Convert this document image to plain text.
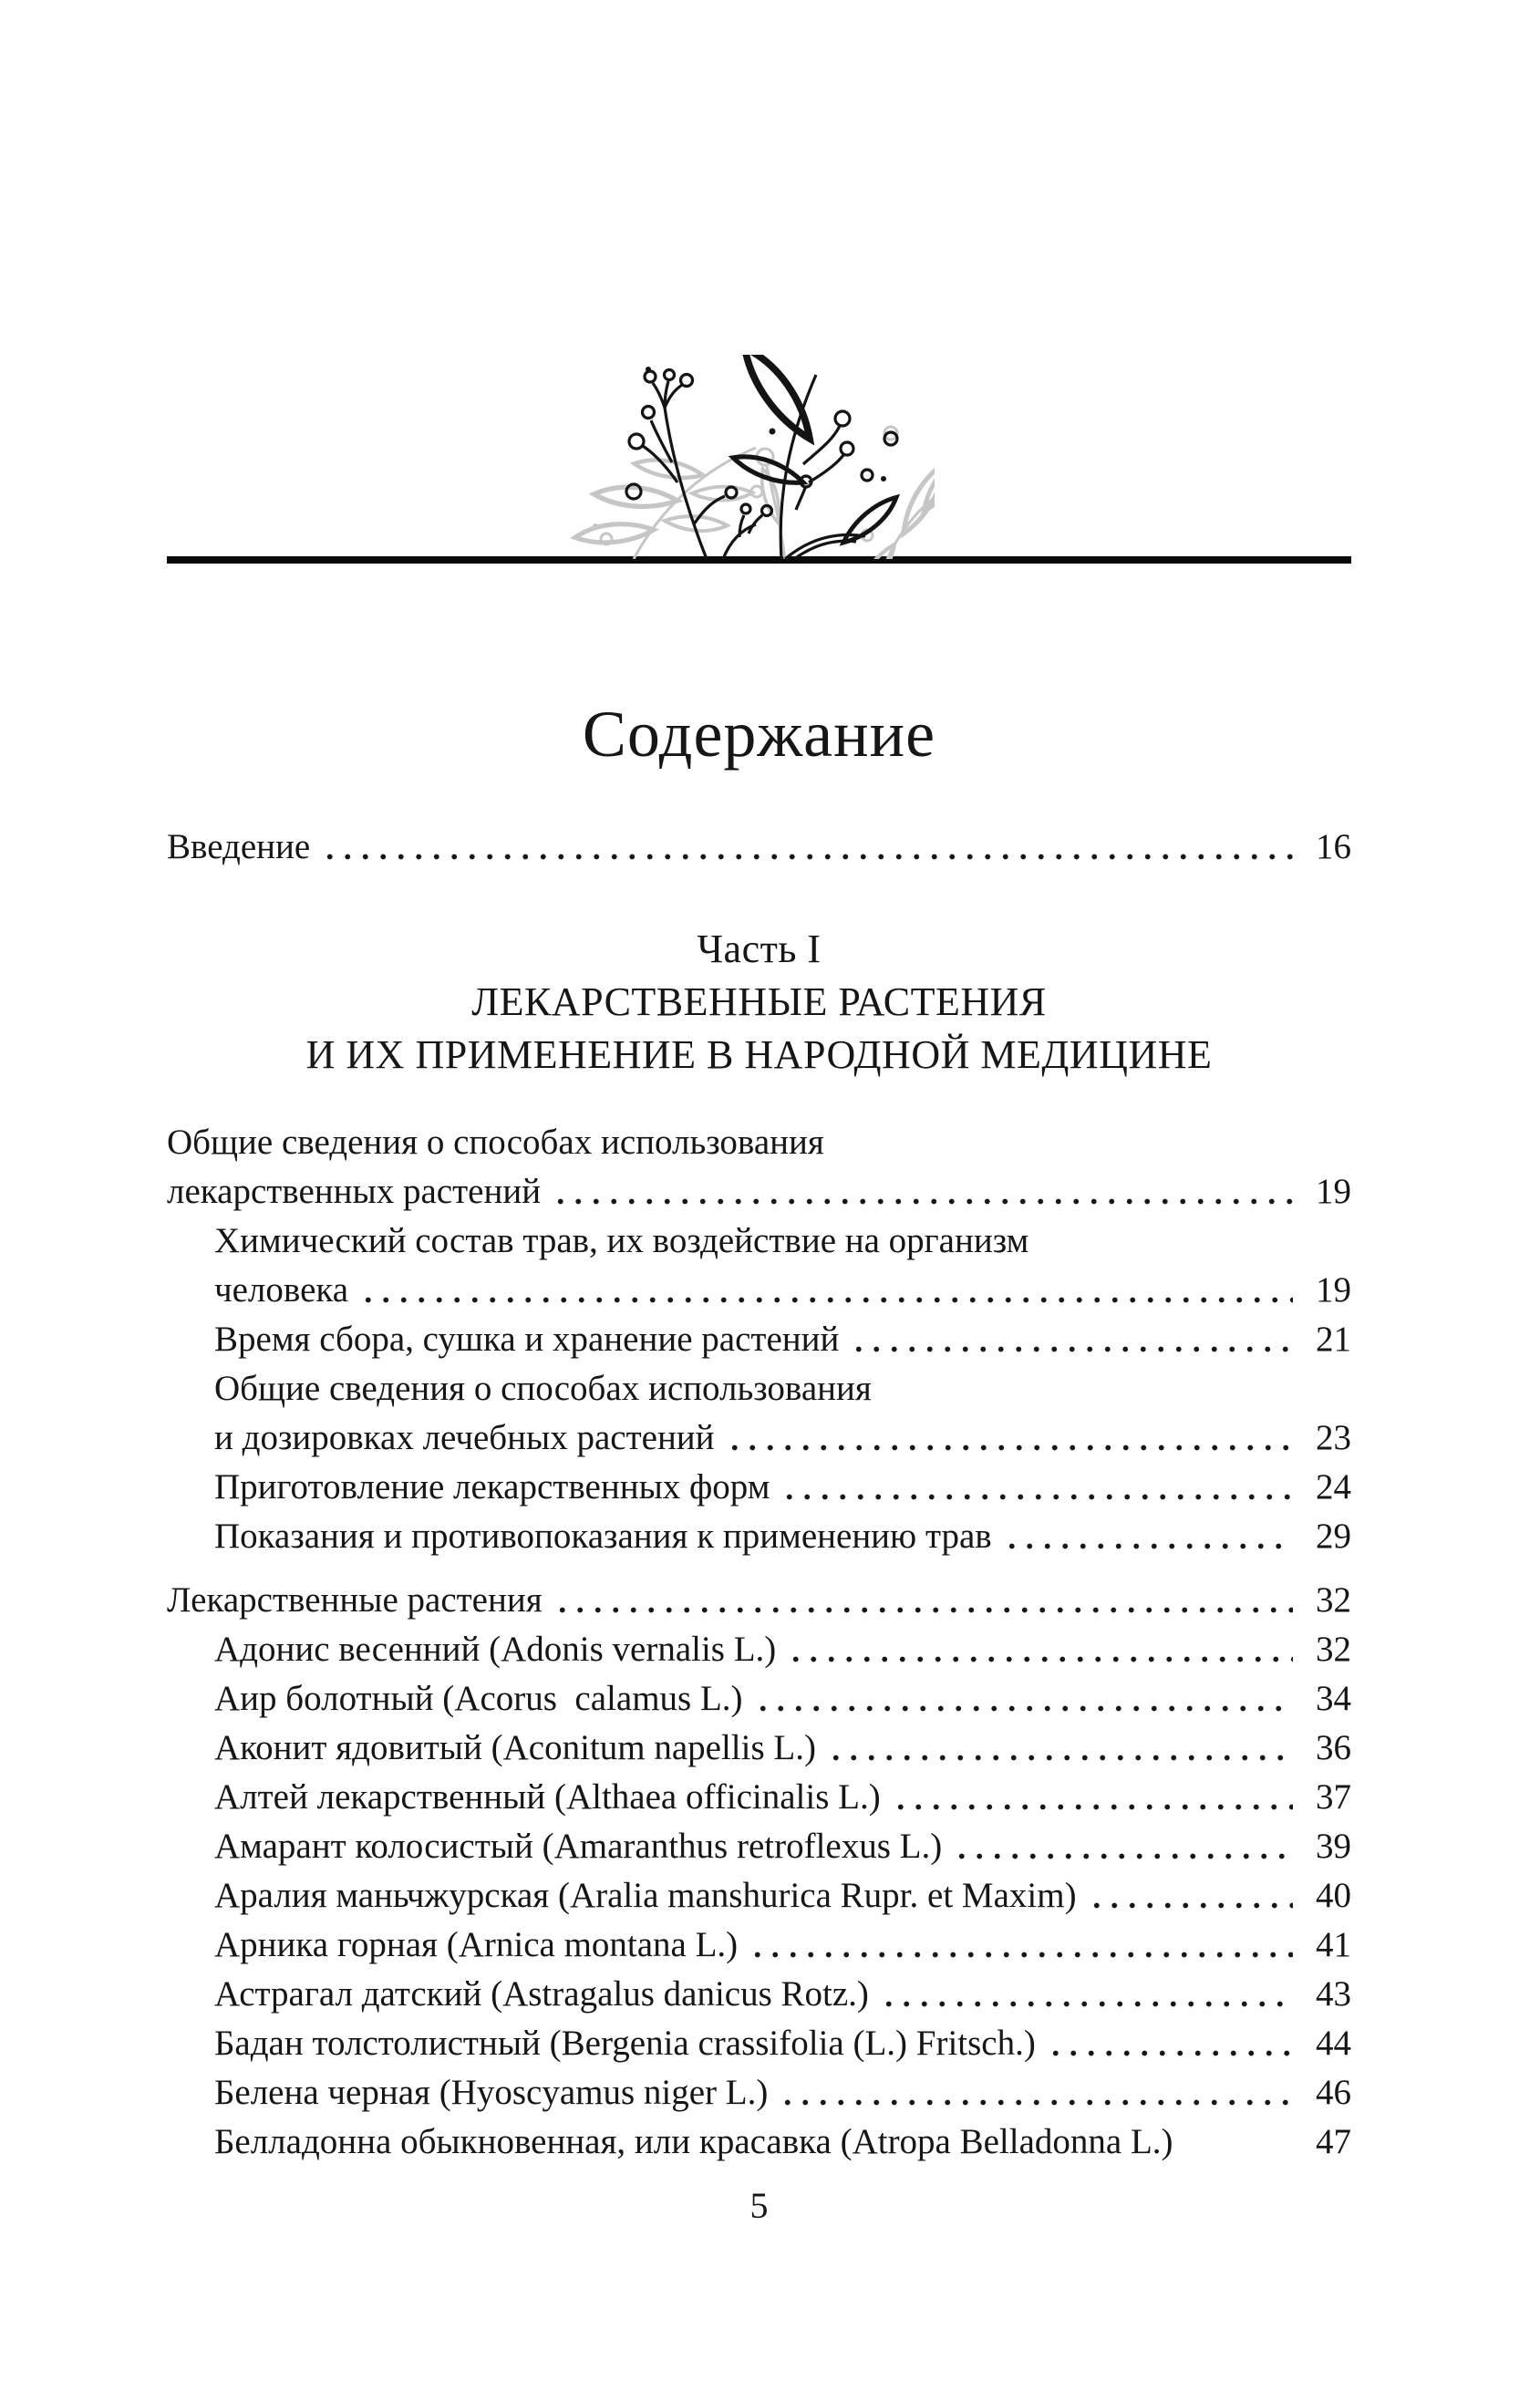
Содержание
Введение	16
Часть I
ЛЕКАРСТВЕННЫЕ РАСТЕНИЯ
И ИХ ПРИМЕНЕНИЕ В НАРОДНОЙ МЕДИЦИНЕ
Общие сведения о способах использования
лекарственных растений	19
Химический состав трав, их воздействие на организм
человека	19
Время сбора, сушка и хранение растений	21
Общие сведения о способах использования
и дозировках лечебных растений	23
Приготовление лекарственных форм	24
Показания и противопоказания к применению трав	29
Лекарственные растения	32
Адонис весенний (Adonis vernalis L.)	32
Аир болотный (Acorus  calamus L.)	34
Аконит ядовитый (Aconitum napellis L.)	36
Алтей лекарственный (Althaea officinalis L.)	37
Амарант колосистый (Amaranthus retroflexus L.)	39
Аралия маньчжурская (Aralia manshurica Rupr. et Maxim)	40
Арника горная (Arnica montana L.)	41
Астрагал датский (Astragalus danicus Rotz.)	43
Бадан толстолистный (Bergenia crassifolia (L.) Fritsch.)	44
Белена черная (Hyoscyamus niger L.)	46
Белладонна обыкновенная, или красавка (Atropa Belladonna L.)	47
5
